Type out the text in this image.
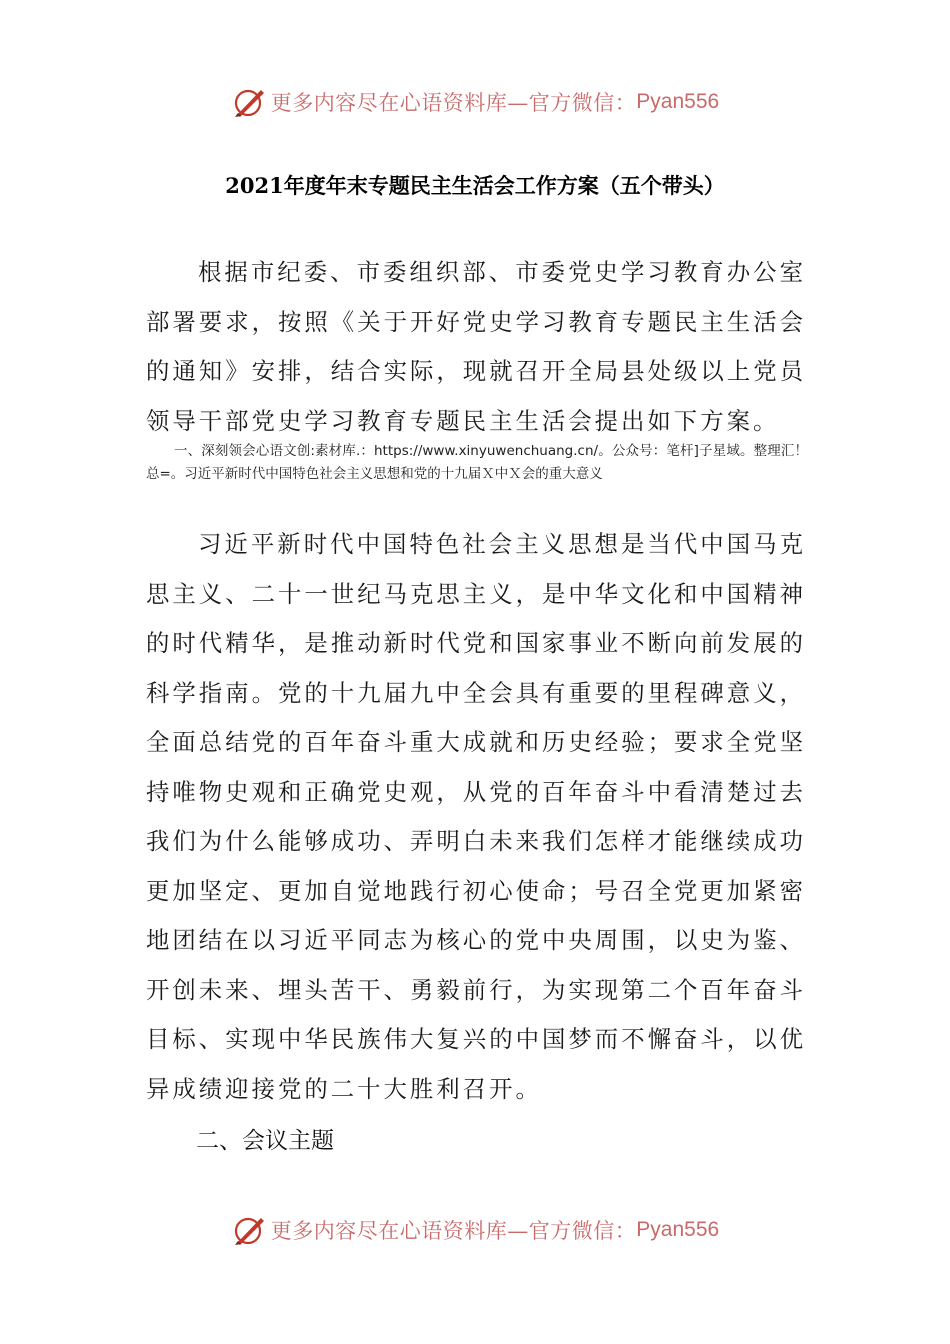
更多内容尽在心语资料库—官方微信： Pyan556
2021年度年末专题民主生活会工作方案（五个带头）
根据市纪委、市委组织部、市委党史学习教育办公室部署要求，按照《关于开好党史学习教育专题民主生活会的通知》安排，结合实际，现就召开全局县处级以上党员领导干部党史学习教育专题民主生活会提出如下方案。
一、深刻领会心语文创:素材库.：https://www.xinyuwenchuang.cn/。公众号：笔杆]子星域。整理汇！总=。习近平新时代中国特色社会主义思想和党的十九届Ｘ中Ｘ会的重大意义
习近平新时代中国特色社会主义思想是当代中国马克思主义、二十一世纪马克思主义，是中华文化和中国精神的时代精华，是推动新时代党和国家事业不断向前发展的科学指南。党的十九届九中全会具有重要的里程碑意义，全面总结党的百年奋斗重大成就和历史经验；要求全党坚持唯物史观和正确党史观，从党的百年奋斗中看清楚过去我们为什么能够成功、弄明白未来我们怎样才能继续成功更加坚定、更加自觉地践行初心使命；号召全党更加紧密地团结在以习近平同志为核心的党中央周围，以史为鉴、开创未来、埋头苦干、勇毅前行，为实现第二个百年奋斗目标、实现中华民族伟大复兴的中国梦而不懈奋斗，以优异成绩迎接党的二十大胜利召开。
二、会议主题
更多内容尽在心语资料库—官方微信： Pyan556
